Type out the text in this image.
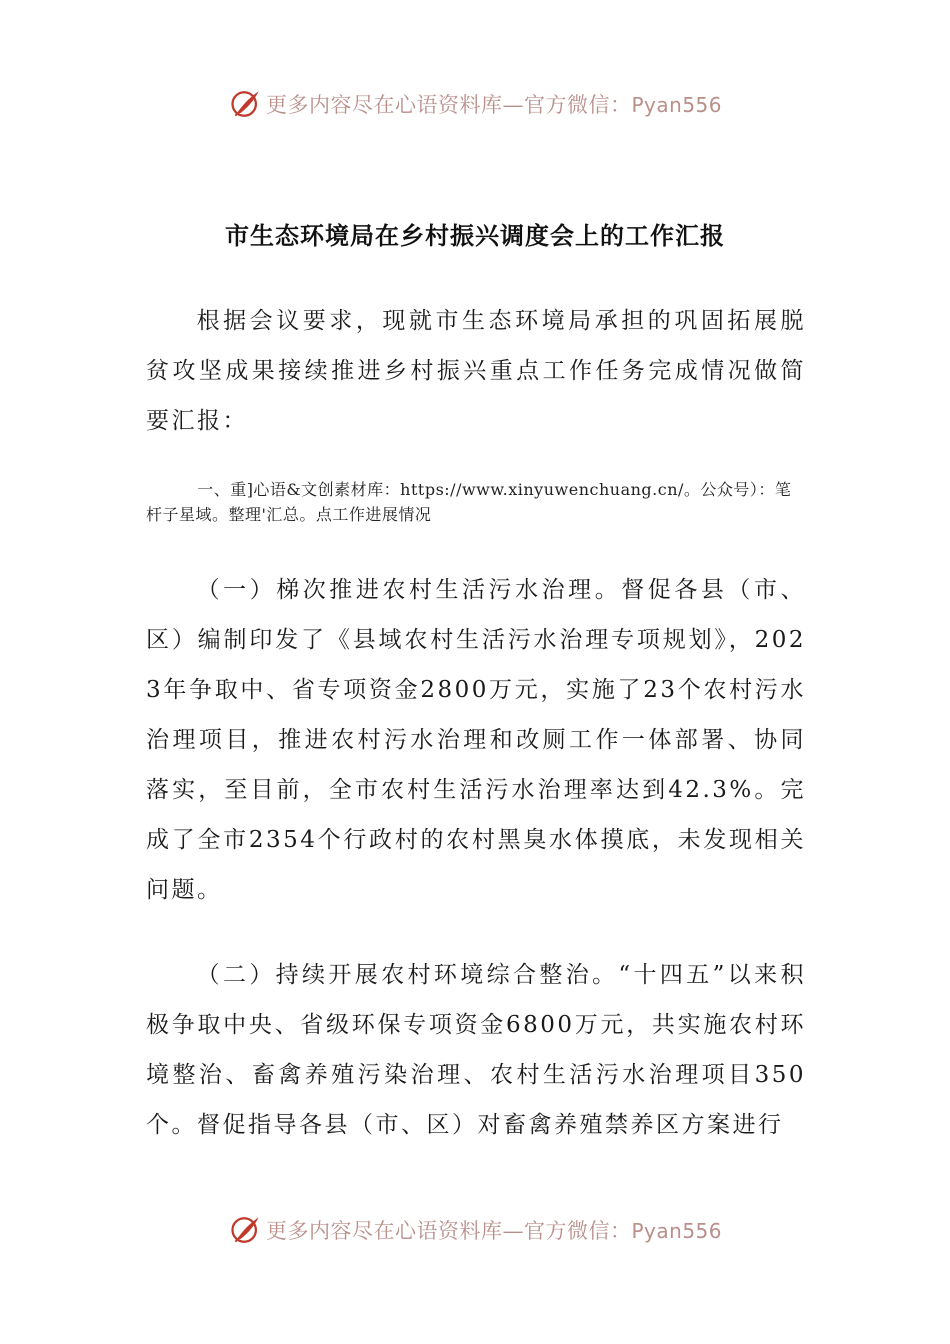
更多内容尽在心语资料库—官方微信：Pyan556
市生态环境局在乡村振兴调度会上的工作汇报

根据会议要求，现就市生态环境局承担的巩固拓展脱贫攻坚成果接续推进乡村振兴重点工作任务完成情况做简要汇报：

一、重]心语&文创素材库：https://www.xinyuwenchuang.cn/。公众号）：笔杆子星域。整理'汇总。点工作进展情况

（一）梯次推进农村生活污水治理。督促各县（市、区）编制印发了《县域农村生活污水治理专项规划》，2023年争取中、省专项资金2800万元，实施了23个农村污水治理项目，推进农村污水治理和改厕工作一体部署、协同落实，至目前，全市农村生活污水治理率达到42.3%。完成了全市2354个行政村的农村黑臭水体摸底，未发现相关问题。

（二）持续开展农村环境综合整治。“十四五”以来积极争取中央、省级环保专项资金6800万元，共实施农村环境整治、畜禽养殖污染治理、农村生活污水治理项目350个。督促指导各县（市、区）对畜禽养殖禁养区方案进行

更多内容尽在心语资料库—官方微信：Pyan556
